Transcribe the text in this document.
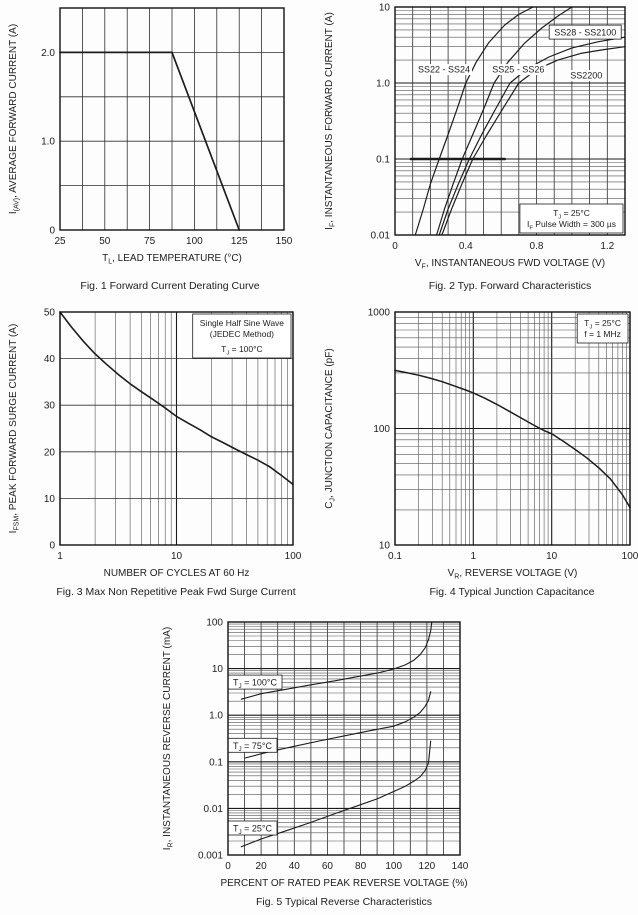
25	50	75	100	125	150
0
1.0
2.0
$T_L$, LEAD TEMPERATURE (°C)
$I_{(AV)}$, AVERAGE FORWARD CURRENT (A)
Fig. 1 Forward Current Derating Curve
SS22 - SS24 SS25 - SS26
SS28 - SS2100
SS2200
$T_J = 25^\circ C$
$I_F$ Pulse Width = 300 µs
0	0.4	0.8	1.2
0.01
0.1
1.0
10
$V_F$, INSTANTANEOUS FWD VOLTAGE (V)
$I_F$, INSTANTANEOUS FORWARD CURRENT (A)
Fig. 2 Typ. Forward Characteristics
Single Half Sine Wave
(JEDEC Method)
$T_J = 100^\circ C$
1	10	100
0
10
20
30
40
50
NUMBER OF CYCLES AT 60 Hz
$I_{FSM}$, PEAK FORWARD SURGE CURRENT (A)
Fig. 3 Max Non Repetitive Peak Fwd Surge Current
$T_J = 25^\circ C$
f = 1 MHz
0.1	1	10	100
10
100
1000
$V_R$, REVERSE VOLTAGE (V)
$C_J$, JUNCTION CAPACITANCE (pF)
Fig. 4 Typical Junction Capacitance
$T_J = 100^\circ C$
$T_J = 75^\circ C$
$T_J = 25^\circ C$
0 20 40 60 80 100 120 140
0.001
0.01
0.1
1.0
10
100
PERCENT OF RATED PEAK REVERSE VOLTAGE (%)
$I_R$, INSTANTANEOUS REVERSE CURRENT (mA)
Fig. 5 Typical Reverse Characteristics
